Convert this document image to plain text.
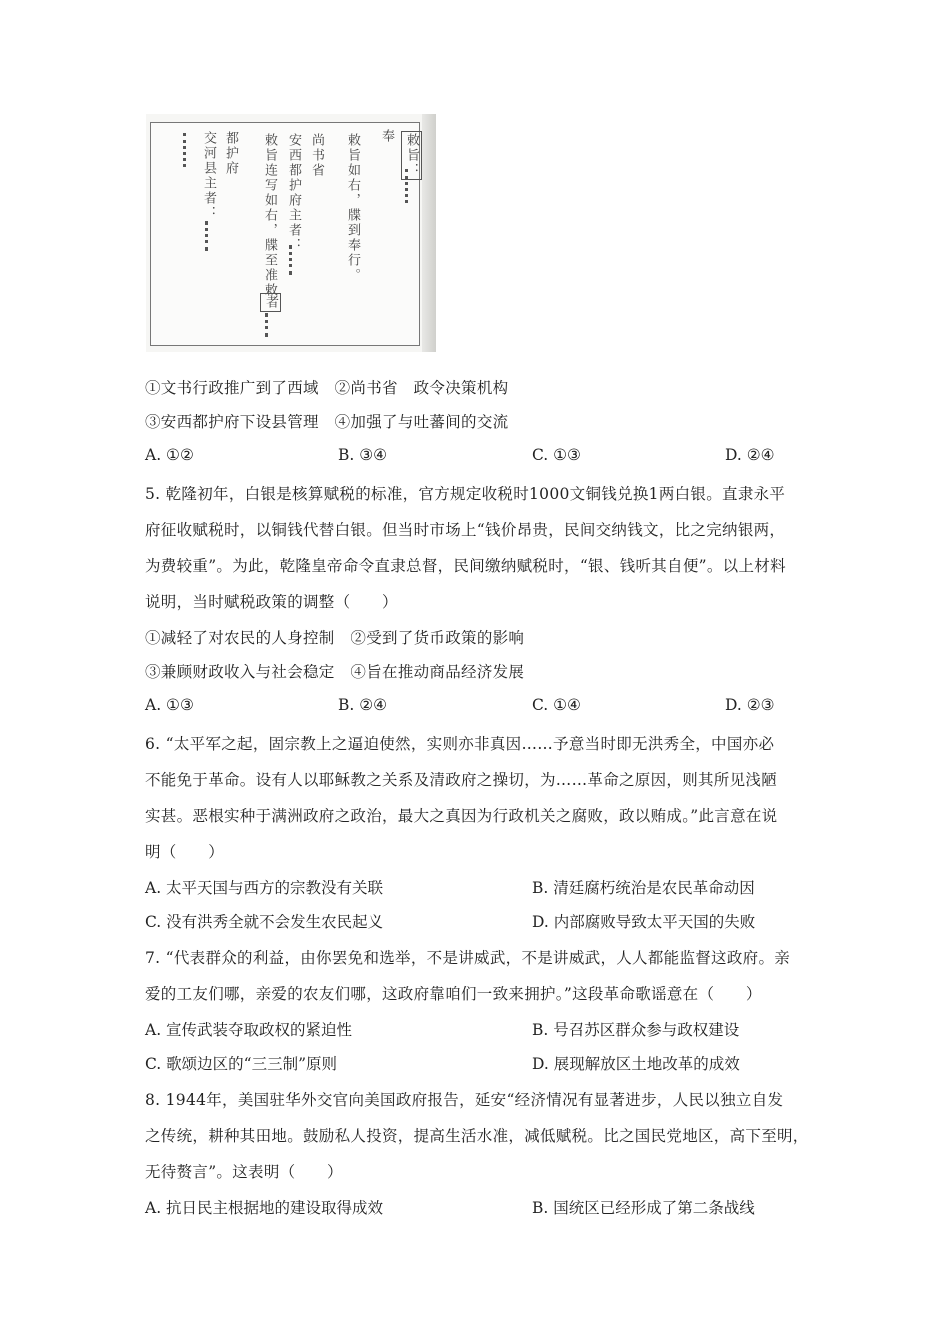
敕旨：
奉
敕旨如右，牒到奉行。
尚书省
安西都护府主者：
敕旨连写如右，牒至准敕
者
都护府
交河县主者：
①文书行政推广到了西域　 ②尚书省　政令决策机构
③安西都护府下设县管理　 ④加强了与吐蕃间的交流
A. ①②	B. ③④	C. ①③	D. ②④
5. 乾隆初年，白银是核算赋税的标准，官方规定收税时1000文铜钱兑换1两白银。直隶永平
府征收赋税时，以铜钱代替白银。但当时市场上“钱价昂贵，民间交纳钱文，比之完纳银两，
为费较重”。为此，乾隆皇帝命令直隶总督，民间缴纳赋税时，“银、钱听其自便”。以上材料
说明，当时赋税政策的调整（　　）
①减轻了对农民的人身控制　 ②受到了货币政策的影响
③兼顾财政收入与社会稳定　 ④旨在推动商品经济发展
A. ①③	B. ②④	C. ①④	D. ②③
6. “太平军之起，固宗教上之逼迫使然，实则亦非真因……予意当时即无洪秀全，中国亦必
不能免于革命。设有人以耶稣教之关系及清政府之操切，为……革命之原因，则其所见浅陋
实甚。恶根实种于满洲政府之政治，最大之真因为行政机关之腐败，政以贿成。”此言意在说
明（　　）
A. 太平天国与西方的宗教没有关联	B. 清廷腐朽统治是农民革命动因
C. 没有洪秀全就不会发生农民起义	D. 内部腐败导致太平天国的失败
7. “代表群众的利益，由你罢免和选举，不是讲威武，不是讲威武，人人都能监督这政府。亲
爱的工友们哪，亲爱的农友们哪，这政府靠咱们一致来拥护。”这段革命歌谣意在（　　）
A. 宣传武装夺取政权的紧迫性	B. 号召苏区群众参与政权建设
C. 歌颂边区的“三三制”原则	D. 展现解放区土地改革的成效
8. 1944年，美国驻华外交官向美国政府报告，延安“经济情况有显著进步，人民以独立自发
之传统，耕种其田地。鼓励私人投资，提高生活水准，减低赋税。比之国民党地区，高下至明，
无待赘言”。这表明（　　）
A. 抗日民主根据地的建设取得成效	B. 国统区已经形成了第二条战线
